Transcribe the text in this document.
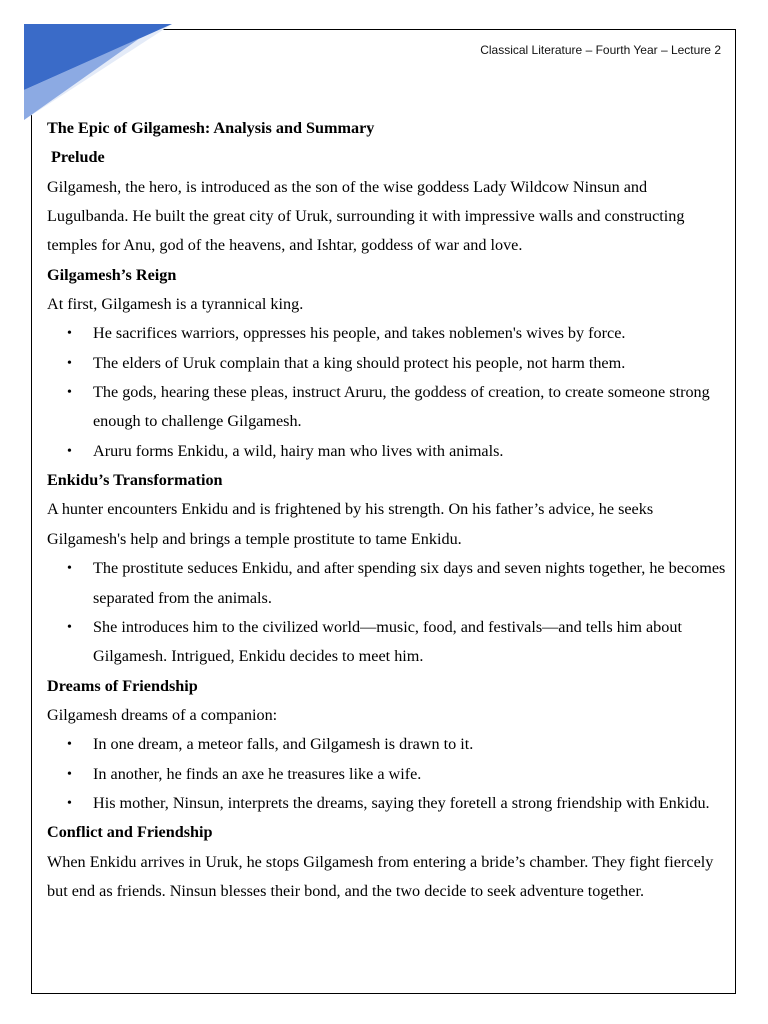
Classical Literature – Fourth Year – Lecture 2
The Epic of Gilgamesh: Analysis and Summary
Prelude

Gilgamesh, the hero, is introduced as the son of the wise goddess Lady Wildcow Ninsun and Lugulbanda. He built the great city of Uruk, surrounding it with impressive walls and constructing temples for Anu, god of the heavens, and Ishtar, goddess of war and love.

Gilgamesh’s Reign

At first, Gilgamesh is a tyrannical king.

• He sacrifices warriors, oppresses his people, and takes noblemen's wives by force.
• The elders of Uruk complain that a king should protect his people, not harm them.
• The gods, hearing these pleas, instruct Aruru, the goddess of creation, to create someone strong enough to challenge Gilgamesh.
• Aruru forms Enkidu, a wild, hairy man who lives with animals.
Enkidu’s Transformation

A hunter encounters Enkidu and is frightened by his strength. On his father’s advice, he seeks Gilgamesh's help and brings a temple prostitute to tame Enkidu.

• The prostitute seduces Enkidu, and after spending six days and seven nights together, he becomes separated from the animals.
• She introduces him to the civilized world—music, food, and festivals—and tells him about Gilgamesh. Intrigued, Enkidu decides to meet him.
Dreams of Friendship

Gilgamesh dreams of a companion:

• In one dream, a meteor falls, and Gilgamesh is drawn to it.
• In another, he finds an axe he treasures like a wife.
• His mother, Ninsun, interprets the dreams, saying they foretell a strong friendship with Enkidu.
Conflict and Friendship

When Enkidu arrives in Uruk, he stops Gilgamesh from entering a bride’s chamber. They fight fiercely but end as friends. Ninsun blesses their bond, and the two decide to seek adventure together.
